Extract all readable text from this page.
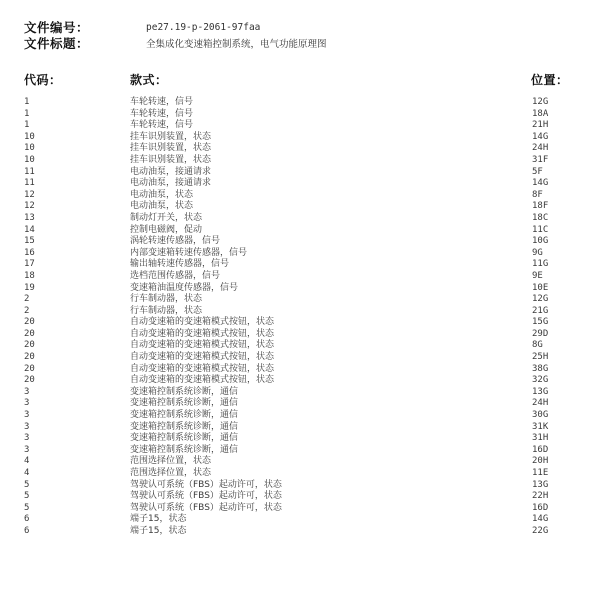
文件编号：	pe27.19-p-2061-97faa
文件标题：	全集成化变速箱控制系统，电气功能原理图
代码：	款式：	位置：
1	车轮转速，信号	12G
1	车轮转速，信号	18A
1	车轮转速，信号	21H
10	挂车识别装置，状态	14G
10	挂车识别装置，状态	24H
10	挂车识别装置，状态	31F
11	电动油泵，接通请求	5F
11	电动油泵，接通请求	14G
12	电动油泵，状态	8F
12	电动油泵，状态	18F
13	制动灯开关，状态	18C
14	控制电磁阀，促动	11C
15	涡轮转速传感器，信号	10G
16	内部变速箱转速传感器，信号	9G
17	输出轴转速传感器，信号	11G
18	选档范围传感器，信号	9E
19	变速箱油温度传感器，信号	10E
2	行车制动器，状态	12G
2	行车制动器，状态	21G
20	自动变速箱的变速箱模式按钮，状态	15G
20	自动变速箱的变速箱模式按钮，状态	29D
20	自动变速箱的变速箱模式按钮，状态	8G
20	自动变速箱的变速箱模式按钮，状态	25H
20	自动变速箱的变速箱模式按钮，状态	38G
20	自动变速箱的变速箱模式按钮，状态	32G
3	变速箱控制系统诊断，通信	13G
3	变速箱控制系统诊断，通信	24H
3	变速箱控制系统诊断，通信	30G
3	变速箱控制系统诊断，通信	31K
3	变速箱控制系统诊断，通信	31H
3	变速箱控制系统诊断，通信	16D
4	范围选择位置，状态	20H
4	范围选择位置，状态	11E
5	驾驶认可系统（FBS）起动许可，状态	13G
5	驾驶认可系统（FBS）起动许可，状态	22H
5	驾驶认可系统（FBS）起动许可，状态	16D
6	端子15，状态	14G
6	端子15，状态	22G
